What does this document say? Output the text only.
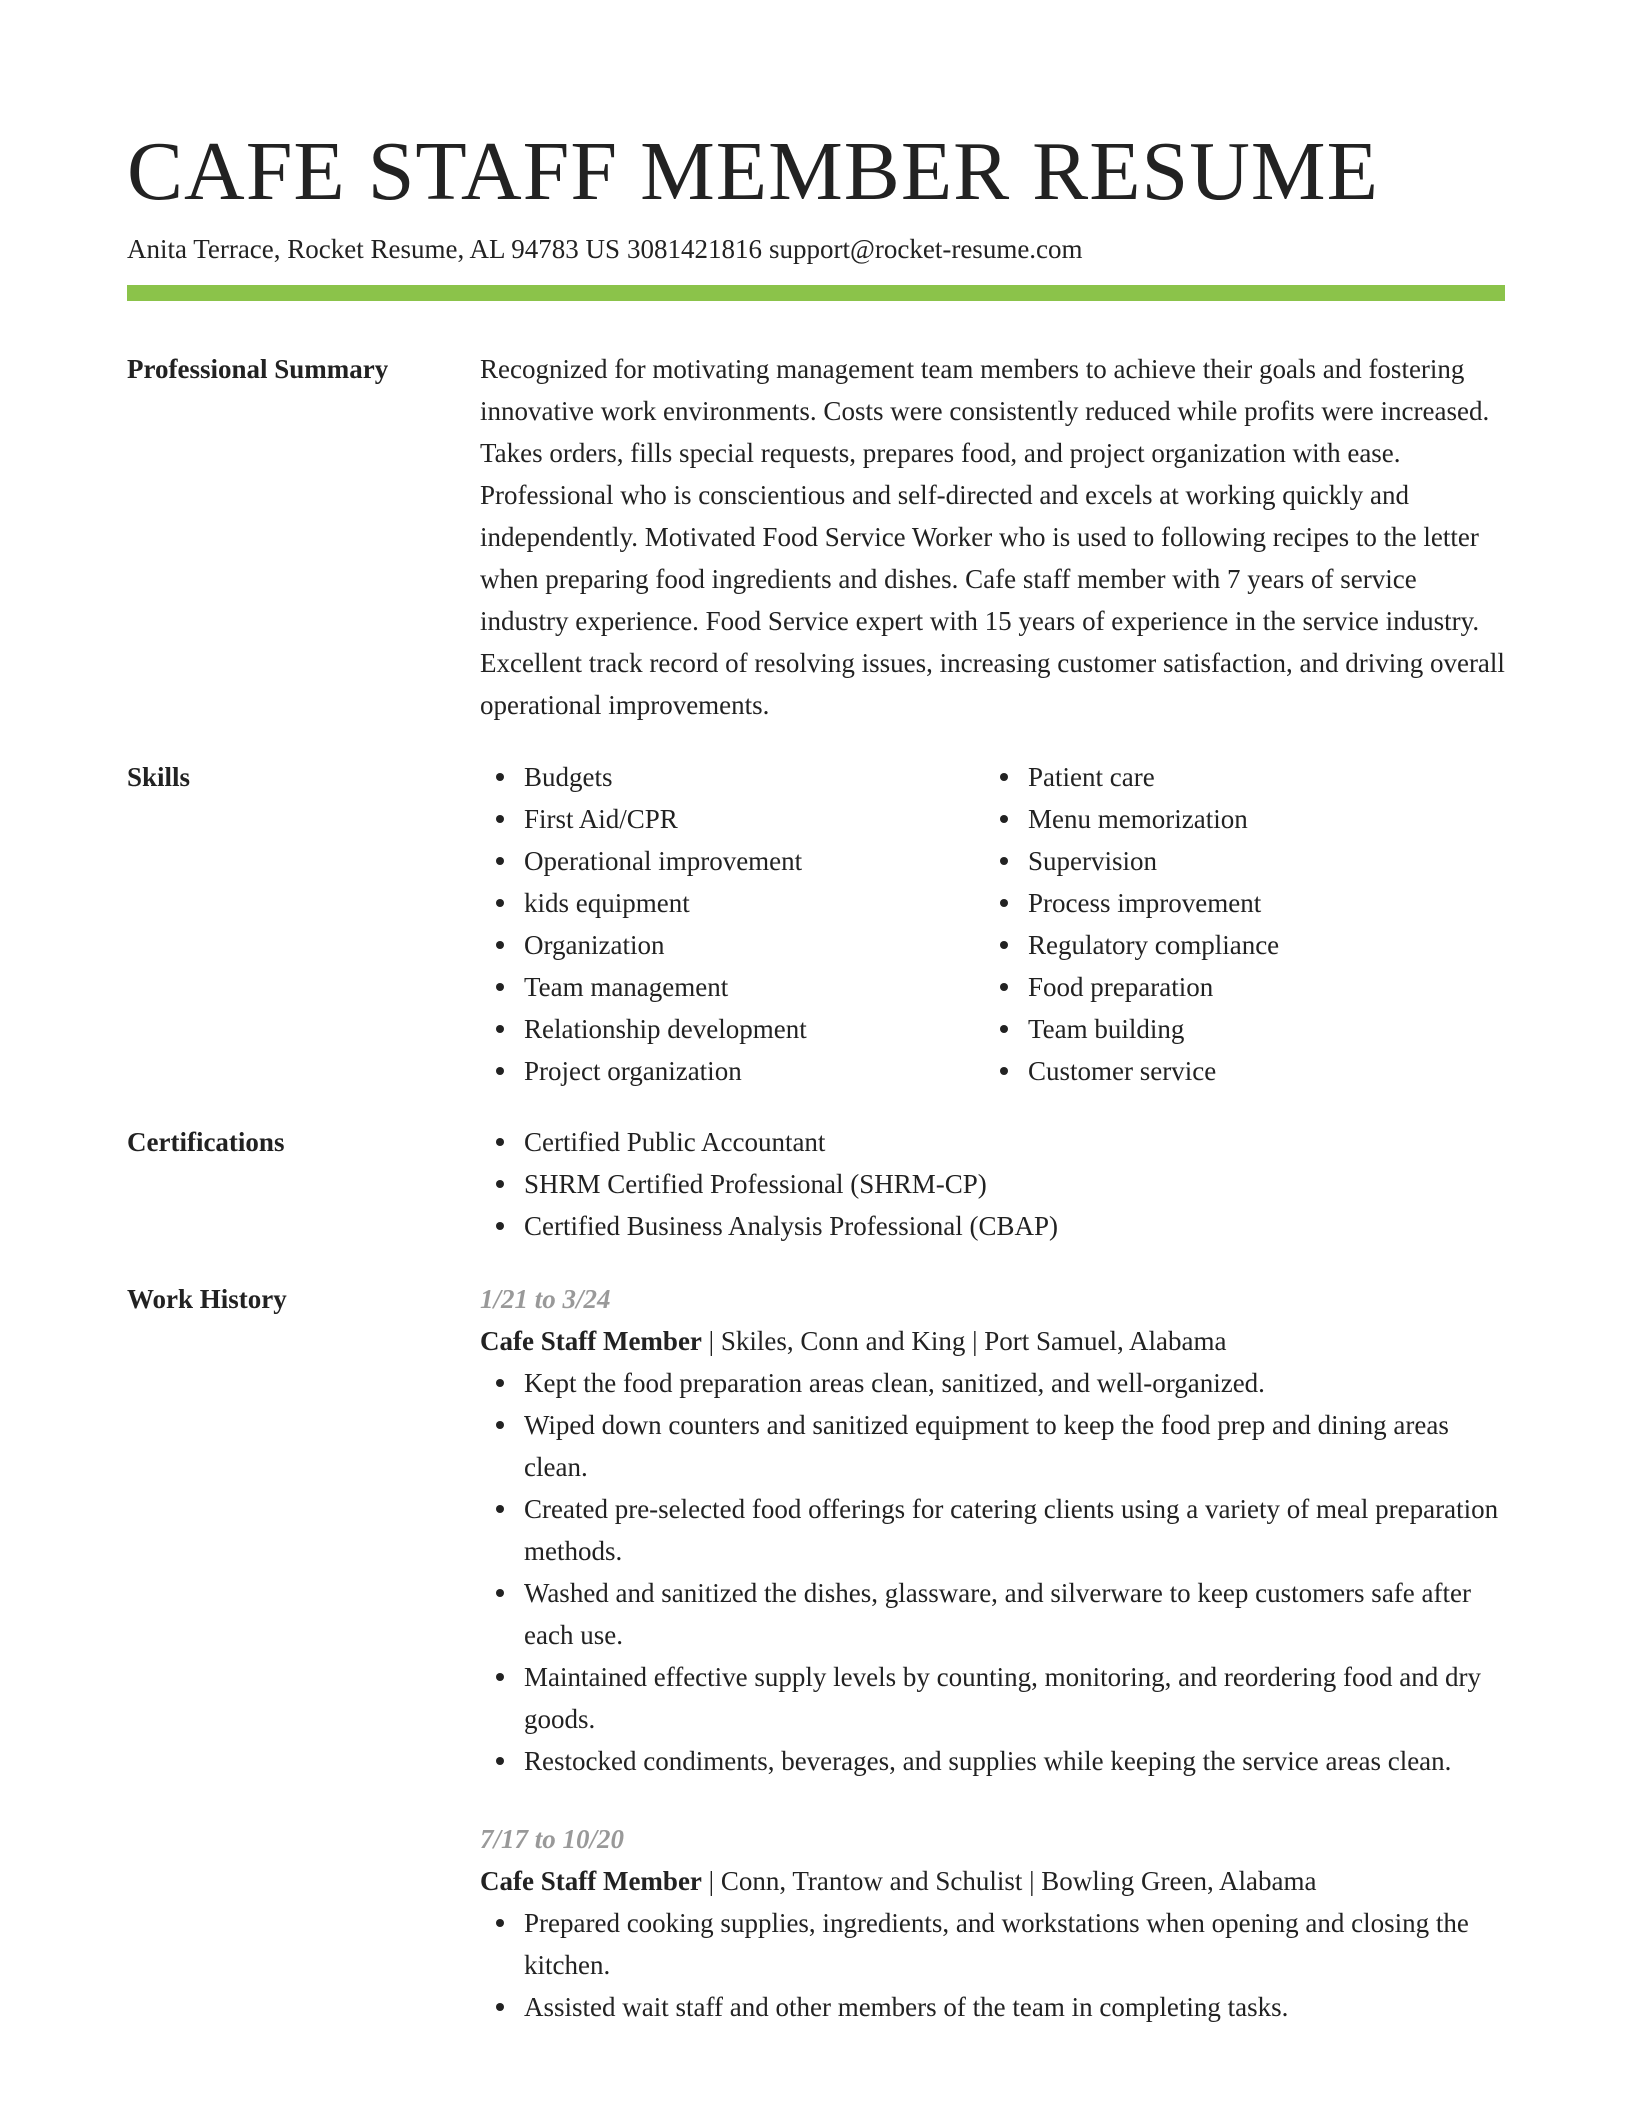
CAFE STAFF MEMBER RESUME
Anita Terrace, Rocket Resume, AL 94783 US 3081421816 support@rocket-resume.com
Professional Summary	Recognized for motivating management team members to achieve their goals and fostering innovative work environments. Costs were consistently reduced while profits were increased. Takes orders, fills special requests, prepares food, and project organization with ease. Professional who is conscientious and self-directed and excels at working quickly and independently. Motivated Food Service Worker who is used to following recipes to the letter when preparing food ingredients and dishes. Cafe staff member with 7 years of service industry experience. Food Service expert with 15 years of experience in the service industry. Excellent track record of resolving issues, increasing customer satisfaction, and driving overall operational improvements.

Skills	Budgets
First Aid/CPR
Operational improvement
kids equipment
Organization
Team management
Relationship development
Project organization
Patient care
Menu memorization
Supervision
Process improvement
Regulatory compliance
Food preparation
Team building
Customer service
Certifications	Certified Public Accountant
SHRM Certified Professional (SHRM-CP)
Certified Business Analysis Professional (CBAP)
Work History	1/21 to 3/24
Cafe Staff Member | Skiles, Conn and King | Port Samuel, Alabama
Kept the food preparation areas clean, sanitized, and well-organized.
Wiped down counters and sanitized equipment to keep the food prep and dining areas clean.
Created pre-selected food offerings for catering clients using a variety of meal preparation methods.
Washed and sanitized the dishes, glassware, and silverware to keep customers safe after each use.
Maintained effective supply levels by counting, monitoring, and reordering food and dry goods.
Restocked condiments, beverages, and supplies while keeping the service areas clean.
7/17 to 10/20
Cafe Staff Member | Conn, Trantow and Schulist | Bowling Green, Alabama
Prepared cooking supplies, ingredients, and workstations when opening and closing the kitchen.
Assisted wait staff and other members of the team in completing tasks.
